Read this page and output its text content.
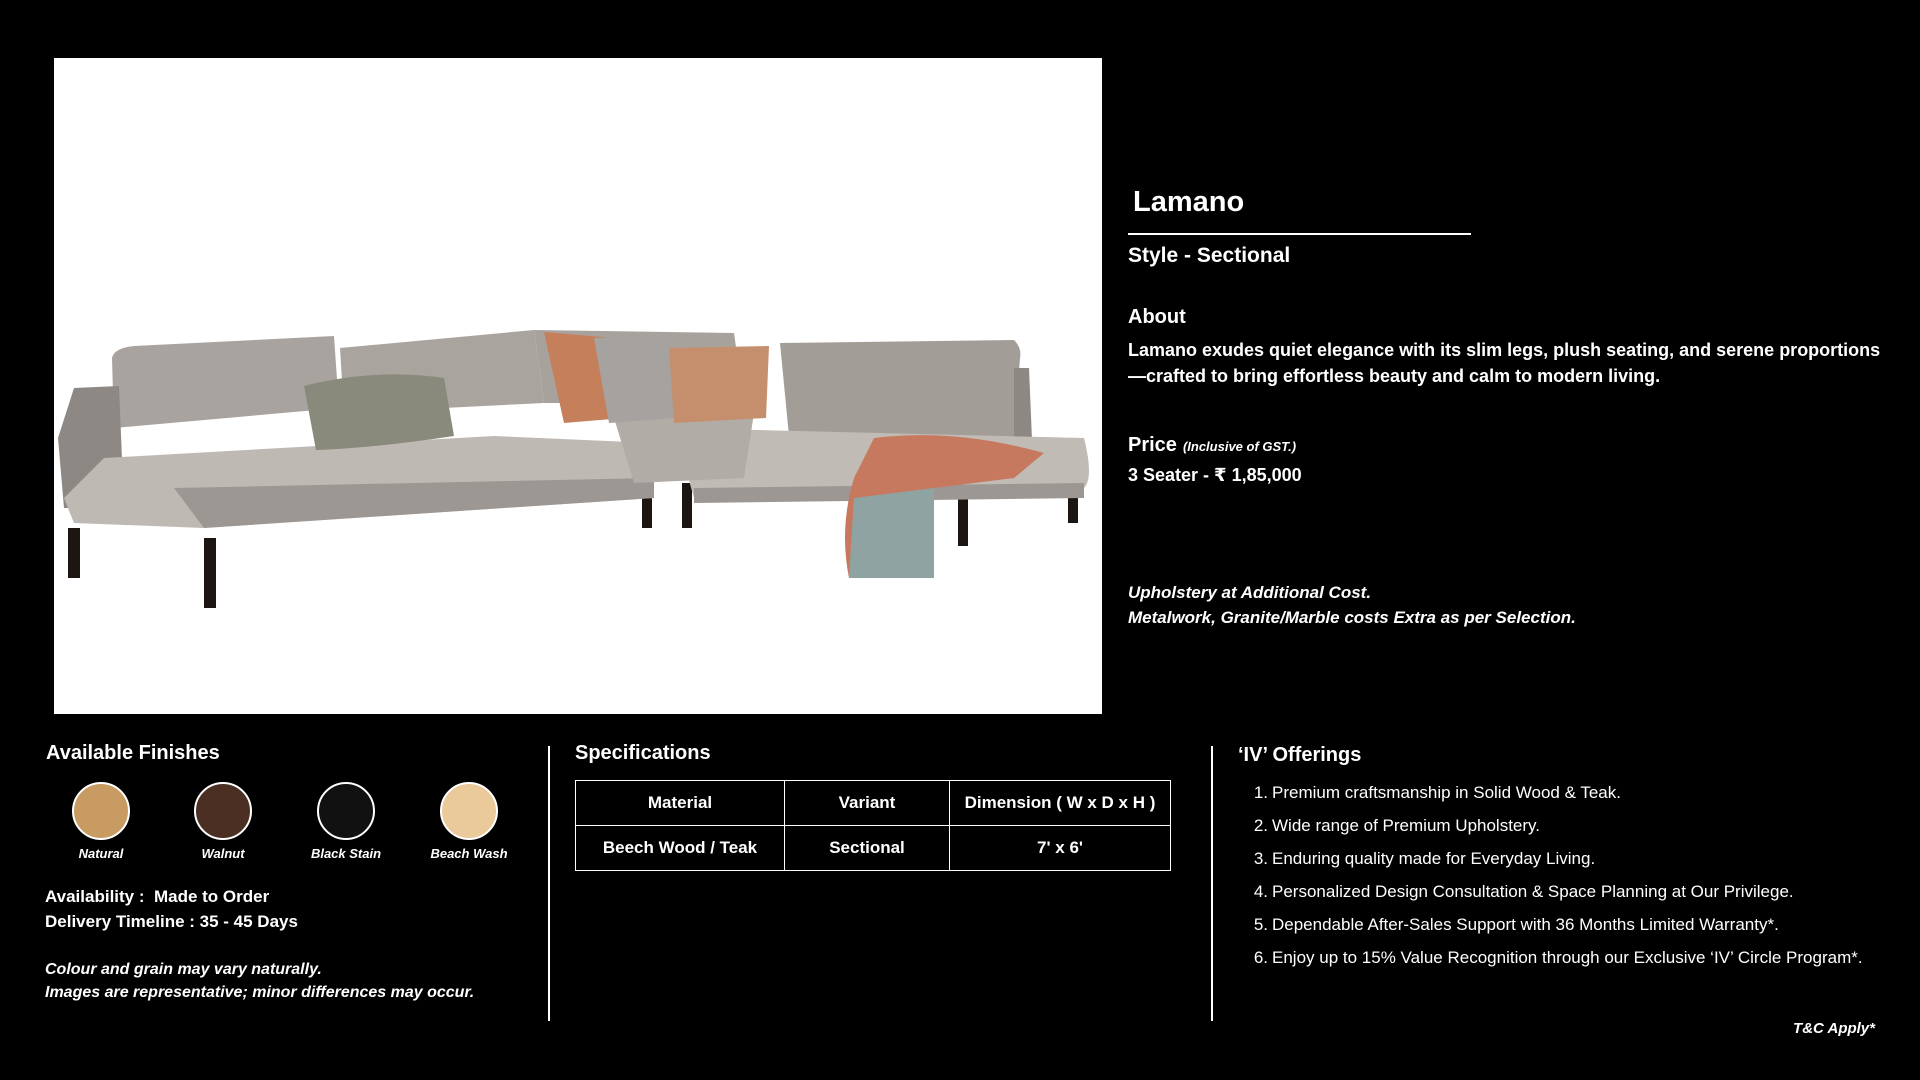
Lamano
Style - Sectional
About
Lamano exudes quiet elegance with its slim legs, plush seating, and serene proportions—crafted to bring effortless beauty and calm to modern living.
Price (Inclusive of GST.)
3 Seater - ₹ 1,85,000
Upholstery at Additional Cost.
Metalwork, Granite/Marble costs Extra as per Selection.
Available Finishes
Natural	Walnut	Black Stain	Beach Wash
Availability :  Made to Order
Delivery Timeline : 35 - 45 Days
Colour and grain may vary naturally.
Images are representative; minor differences may occur.
Specifications
Material	Variant	Dimension ( W x D x H )
Beech Wood / Teak	Sectional	7' x 6'
‘IV’ Offerings
1. Premium craftsmanship in Solid Wood & Teak.
2. Wide range of Premium Upholstery.
3. Enduring quality made for Everyday Living.
4. Personalized Design Consultation & Space Planning at Our Privilege.
5. Dependable After-Sales Support with 36 Months Limited Warranty*.
6. Enjoy up to 15% Value Recognition through our Exclusive ‘IV’ Circle Program*.
T&C Apply*
